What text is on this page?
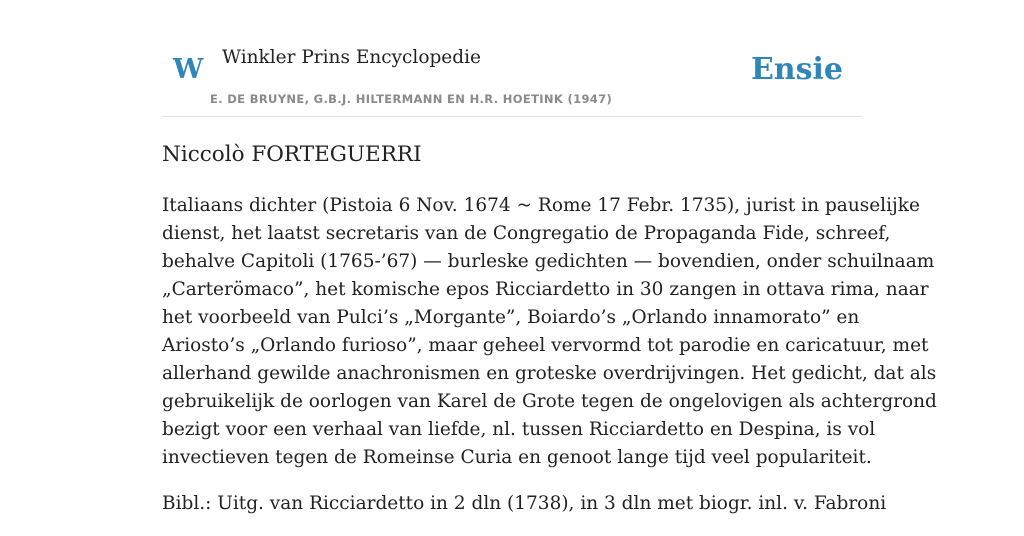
W Winkler Prins Encyclopedie	Ensie
E. DE BRUYNE, G.B.J. HILTERMANN EN H.R. HOETINK (1947)
Niccolò FORTEGUERRI

Italiaans dichter (Pistoia 6 Nov. 1674 ~ Rome 17 Febr. 1735), jurist in pauselijke
dienst, het laatst secretaris van de Congregatio de Propaganda Fide, schreef,
behalve Capitoli (1765-’67) — burleske gedichten — bovendien, onder schuilnaam
„Carterömaco”, het komische epos Ricciardetto in 30 zangen in ottava rima, naar
het voorbeeld van Pulci’s „Morgante”, Boiardo’s „Orlando innamorato” en
Ariosto’s „Orlando furioso”, maar geheel vervormd tot parodie en caricatuur, met
allerhand gewilde anachronismen en groteske overdrijvingen. Het gedicht, dat als
gebruikelijk de oorlogen van Karel de Grote tegen de ongelovigen als achtergrond
bezigt voor een verhaal van liefde, nl. tussen Ricciardetto en Despina, is vol
invectieven tegen de Romeinse Curia en genoot lange tijd veel populariteit.

Bibl.: Uitg. van Ricciardetto in 2 dln (1738), in 3 dln met biogr. inl. v. Fabroni
